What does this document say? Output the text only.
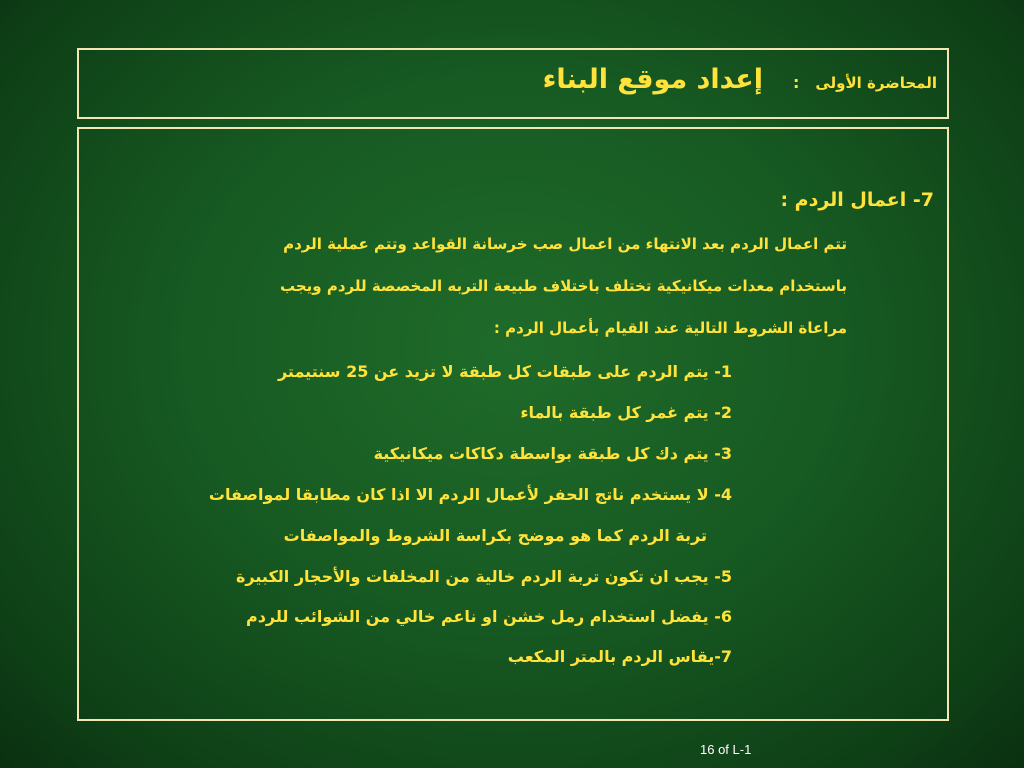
المحاضرة الأولى
:
إعداد موقع البناء
7- اعمال الردم :
تتم اعمال الردم بعد الانتهاء من اعمال صب خرسانة القواعد وتتم عملية الردم
باستخدام معدات ميكانيكية تختلف باختلاف طبيعة التربه المخصصة للردم ويجب
مراعاة الشروط التالية عند القيام بأعمال الردم :
1- يتم الردم على طبقات كل طبقة لا تزيد عن 25 سنتيمتر
2- يتم غمر كل طبقة بالماء
3- يتم دك كل طبقة بواسطة دكاكات ميكانيكية
4- لا يستخدم ناتج الحفر لأعمال الردم الا اذا كان مطابقا لمواصفات
تربة الردم كما هو موضح بكراسة الشروط والمواصفات
5- يجب ان تكون تربة الردم خالية من المخلفات والأحجار الكبيرة
6- يفضل استخدام رمل خشن او ناعم خالي من الشوائب للردم
7-يقاس الردم بالمتر المكعب
16 of L-1
